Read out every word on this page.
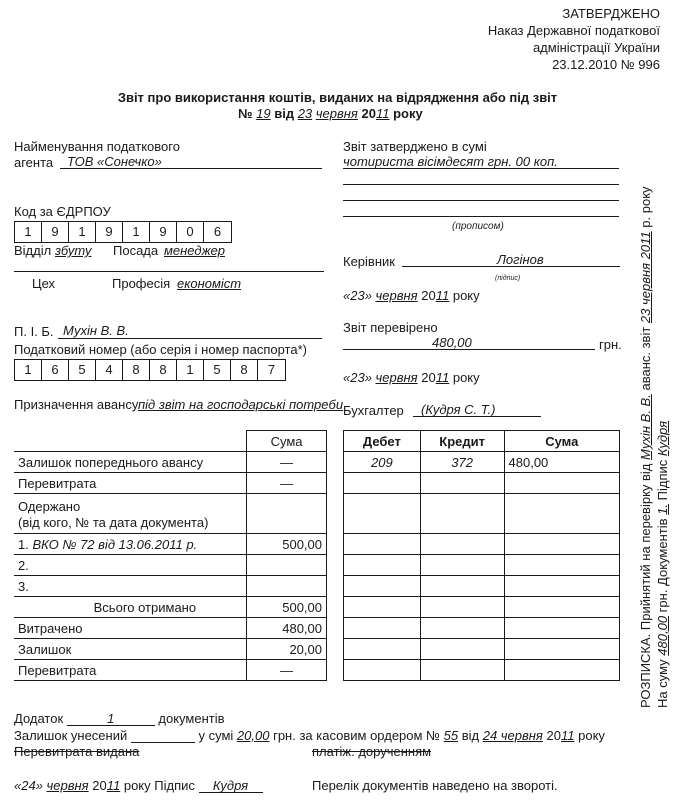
ЗАТВЕРДЖЕНО
Наказ Державної податкової
адміністрації України
23.12.2010 № 996
Звіт про використання коштів, виданих на відрядження або під звіт
№ 19 від 23 червня 2011 року
Найменування податкового
агента ТОВ «Сонечко»
Код за ЄДРПОУ
1	9	1	9	1	9	0	6
Відділ збуту Посада менеджер
Цех	Професія економіст
П. І. Б. Мухін В. В.
Податковий номер (або серія і номер паспорта*)
1	6	5	4	8	8	1	5	8	7
Призначення авансу під звіт на господарські потреби
	Сума
Залишок попереднього авансу	—
Перевитрата	—

Одержано
(від кого, № та дата документа)	

1. ВКО № 72 від 13.06.2011 р.	500,00
2.	
3.	
Всього отримано	500,00
Витрачено	480,00
Залишок	20,00
Перевитрата	—
Звіт затверджено в сумі
чотириста вісімдесят грн. 00 коп.
(прописом)
Керівник	Логінов
(підпис)
«23» червня 2011 року
Звіт перевірено
480,00	грн.
«23» червня 2011 року
Бухгалтер (Кудря С. Т.)
Дебет	Кредит	Сума
209	372	480,00

РОЗПИСКА. Прийнятий на перевірку від Мухін В. В. аванс. звіт 23 червня 2011 р. року
На суму 480,00 грн. Документів 1. Підпис Кудря
Додаток	1	документів
Залишок унесений	у сумі 20,00 грн. за касовим ордером № 55 від 24 червня 2011 року
Перевитрата видана	платіж. дорученням
«24» червня 2011 року Підпис Кудря	Перелік документів наведено на звороті.
